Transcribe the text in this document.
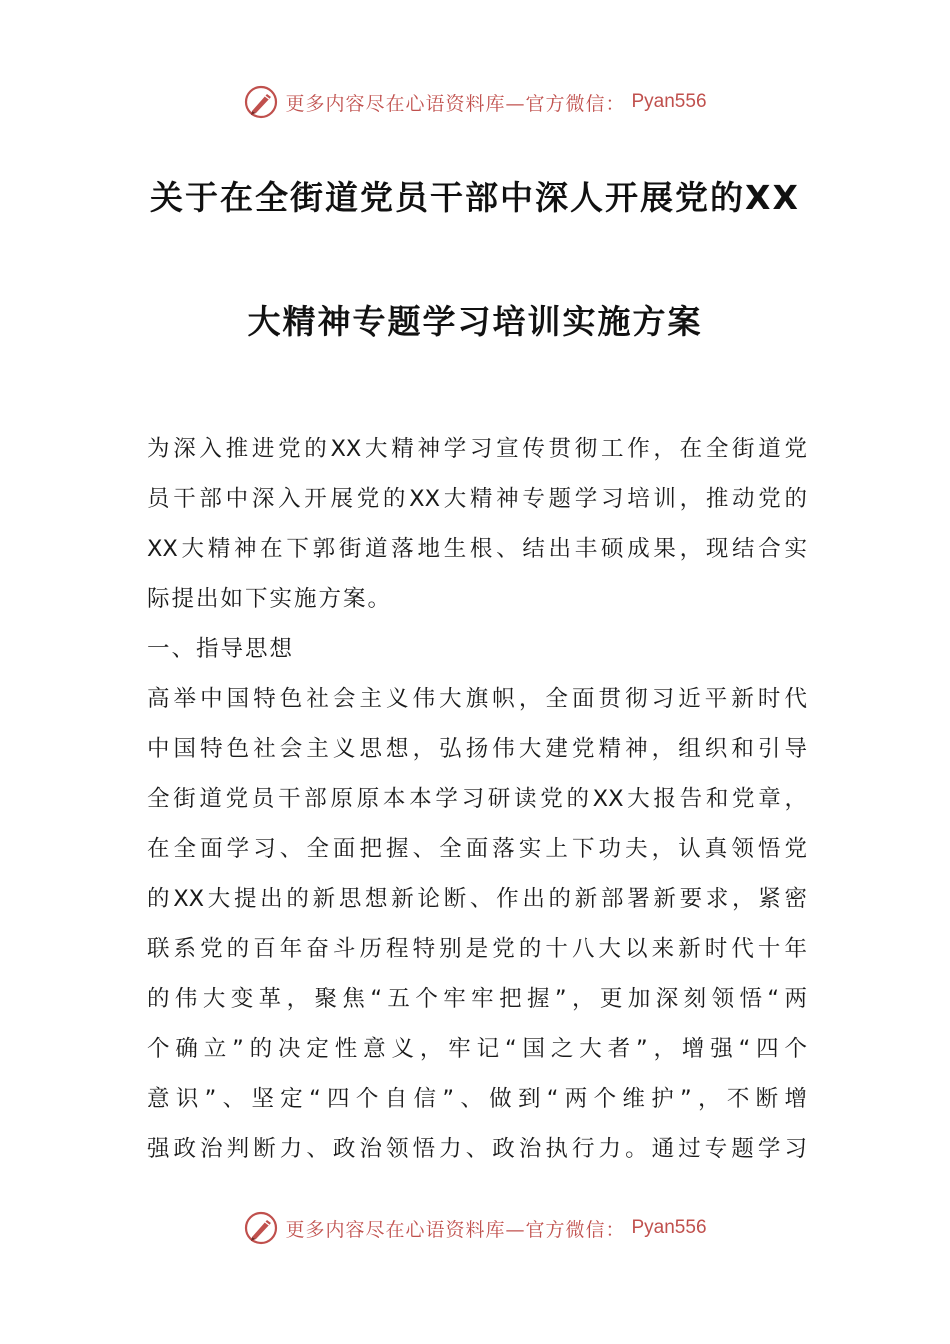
更多内容尽在心语资料库—官方微信： Pyan556
关于在全街道党员干部中深人开展党的XX
大精神专题学习培训实施方案
为深入推进党的XX大精神学习宣传贯彻工作，在全街道党
员干部中深入开展党的XX大精神专题学习培训，推动党的
XX大精神在下郭街道落地生根、结出丰硕成果，现结合实
际提出如下实施方案。
一、指导思想
高举中国特色社会主义伟大旗帜，全面贯彻习近平新时代
中国特色社会主义思想，弘扬伟大建党精神，组织和引导
全街道党员干部原原本本学习研读党的XX大报告和党章，
在全面学习、全面把握、全面落实上下功夫，认真领悟党
的XX大提出的新思想新论断、作出的新部署新要求，紧密
联系党的百年奋斗历程特别是党的十八大以来新时代十年
的伟大变革，聚焦“五个牢牢把握”，更加深刻领悟“两
个确立”的决定性意义，牢记“国之大者”，增强“四个
意识”、坚定“四个自信”、做到“两个维护”，不断增
强政治判断力、政治领悟力、政治执行力。通过专题学习
更多内容尽在心语资料库—官方微信： Pyan556
